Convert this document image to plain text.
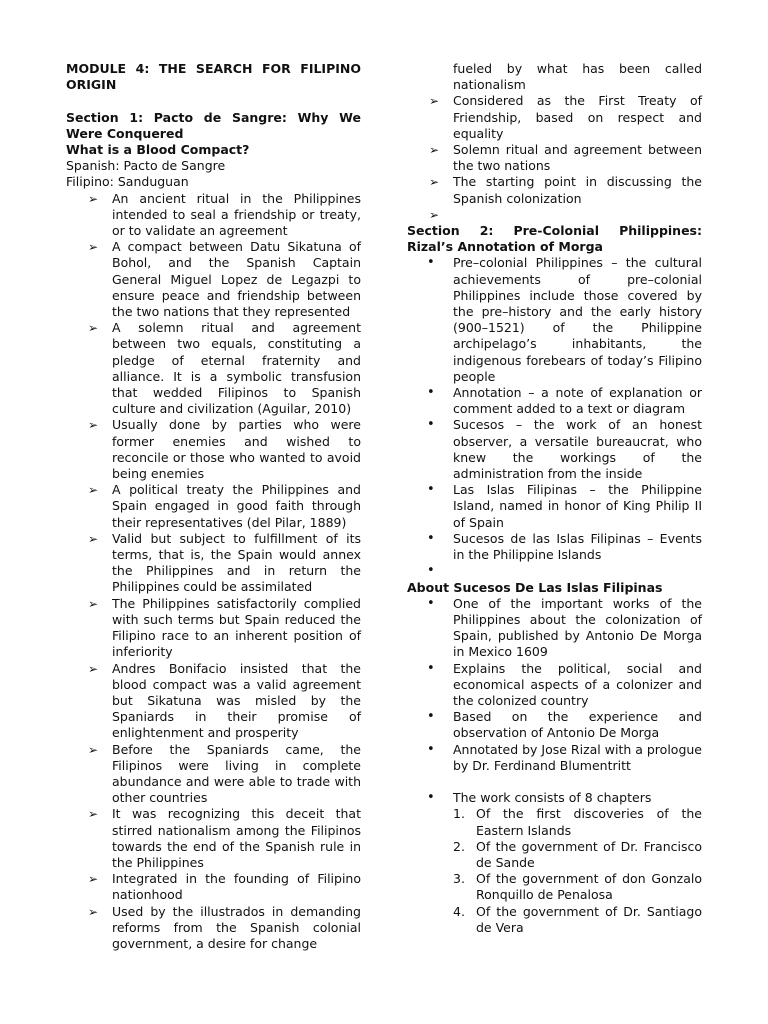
MODULE 4: THE SEARCH FOR FILIPINO ORIGIN

Section 1: Pacto de Sangre: Why We Were Conquered

What is a Blood Compact?

Spanish: Pacto de Sangre

Filipino: Sanduguan

➢	An ancient ritual in the Philippines intended to seal a friendship or treaty, or to validate an agreement
➢	A compact between Datu Sikatuna of Bohol, and the Spanish Captain General Miguel Lopez de Legazpi to ensure peace and friendship between the two nations that they represented
➢	A solemn ritual and agreement between two equals, constituting a pledge of eternal fraternity and alliance. It is a symbolic transfusion that wedded Filipinos to Spanish culture and civilization (Aguilar, 2010)
➢	Usually done by parties who were former enemies and wished to reconcile or those who wanted to avoid being enemies
➢	A political treaty the Philippines and Spain engaged in good faith through their representatives (del Pilar, 1889)
➢	Valid but subject to fulfillment of its terms, that is, the Spain would annex the Philippines and in return the Philippines could be assimilated
➢	The Philippines satisfactorily complied with such terms but Spain reduced the Filipino race to an inherent position of inferiority
➢	Andres Bonifacio insisted that the blood compact was a valid agreement but Sikatuna was misled by the Spaniards in their promise of enlightenment and prosperity
➢	Before the Spaniards came, the Filipinos were living in complete abundance and were able to trade with other countries
➢	It was recognizing this deceit that stirred nationalism among the Filipinos towards the end of the Spanish rule in the Philippines
➢	Integrated in the founding of Filipino nationhood
➢	Used by the illustrados in demanding reforms from the Spanish colonial government, a desire for change

fueled by what has been called nationalism

➢	Considered as the First Treaty of Friendship, based on respect and equality
➢	Solemn ritual and agreement between the two nations
➢	The starting point in discussing the Spanish colonization
➢

Section 2: Pre-Colonial Philippines: Rizal’s Annotation of Morga

•	Pre–colonial Philippines – the cultural achievements of pre–colonial Philippines include those covered by the pre–history and the early history (900–1521) of the Philippine archipelago’s inhabitants, the indigenous forebears of today’s Filipino people
•	Annotation – a note of explanation or comment added to a text or diagram
•	Sucesos – the work of an honest observer, a versatile bureaucrat, who knew the workings of the administration from the inside
•	Las Islas Filipinas – the Philippine Island, named in honor of King Philip II of Spain
•	Sucesos de las Islas Filipinas – Events in the Philippine Islands
•

About Sucesos De Las Islas Filipinas

•	One of the important works of the Philippines about the colonization of Spain, published by Antonio De Morga in Mexico 1609
•	Explains the political, social and economical aspects of a colonizer and the colonized country
•	Based on the experience and observation of Antonio De Morga
•	Annotated by Jose Rizal with a prologue by Dr. Ferdinand Blumentritt
•	The work consists of 8 chapters
1. Of the first discoveries of the Eastern Islands
2. Of the government of Dr. Francisco de Sande
3. Of the government of don Gonzalo Ronquillo de Penalosa
4. Of the government of Dr. Santiago de Vera
